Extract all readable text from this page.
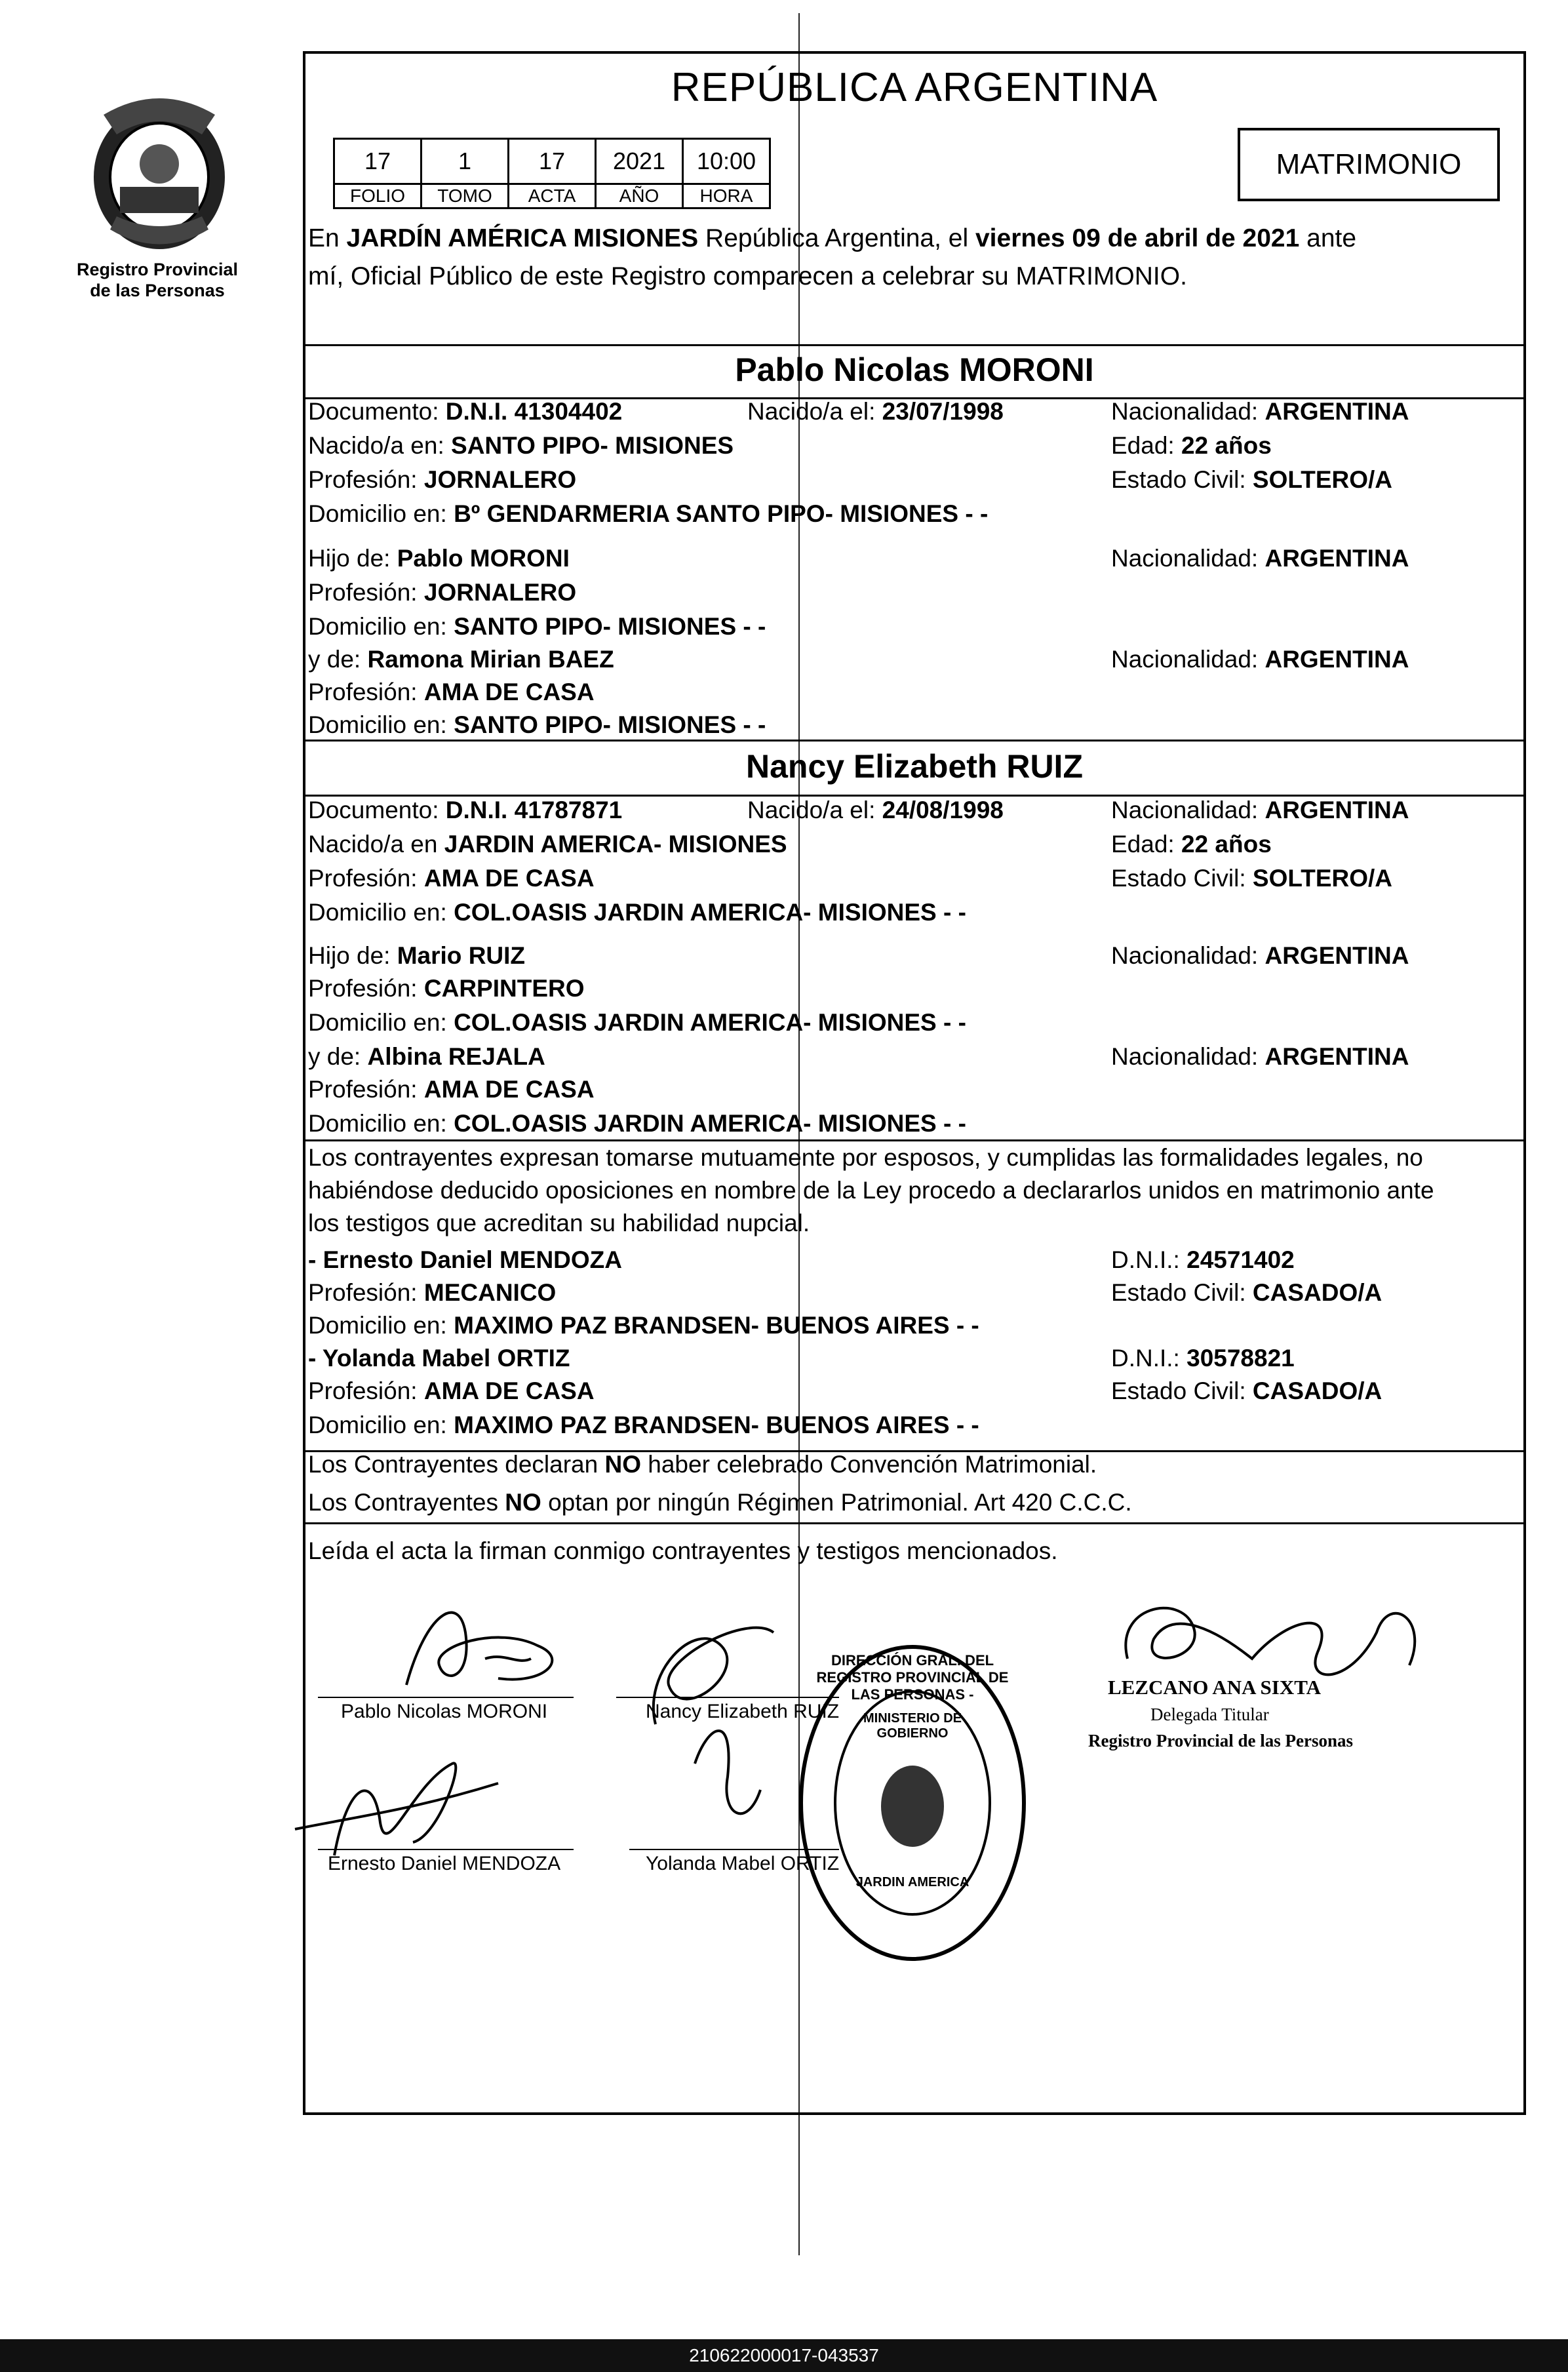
Registro Provincial
de las Personas
REPÚBLICA ARGENTINA
17	1	17	2021	10:00
FOLIO	TOMO	ACTA	AÑO	HORA
MATRIMONIO
En JARDÍN AMÉRICA MISIONES República Argentina, el viernes 09 de abril de 2021 ante
mí, Oficial Público de este Registro comparecen a celebrar su MATRIMONIO.
Pablo Nicolas MORONI
Documento: D.N.I. 41304402	Nacido/a el: 23/07/1998	Nacionalidad: ARGENTINA
Nacido/a en: SANTO PIPO- MISIONES	Edad: 22 años
Profesión: JORNALERO	Estado Civil: SOLTERO/A
Domicilio en: Bº GENDARMERIA SANTO PIPO- MISIONES - -
Hijo de: Pablo MORONI	Nacionalidad: ARGENTINA
Profesión: JORNALERO
Domicilio en: SANTO PIPO- MISIONES - -
y de: Ramona Mirian BAEZ	Nacionalidad: ARGENTINA
Profesión: AMA DE CASA
Domicilio en: SANTO PIPO- MISIONES - -
Nancy Elizabeth RUIZ
Documento: D.N.I. 41787871	Nacido/a el: 24/08/1998	Nacionalidad: ARGENTINA
Nacido/a en JARDIN AMERICA- MISIONES	Edad: 22 años
Profesión: AMA DE CASA	Estado Civil: SOLTERO/A
Domicilio en: COL.OASIS JARDIN AMERICA- MISIONES - -
Hijo de: Mario RUIZ	Nacionalidad: ARGENTINA
Profesión: CARPINTERO
Domicilio en: COL.OASIS JARDIN AMERICA- MISIONES - -
y de: Albina REJALA	Nacionalidad: ARGENTINA
Profesión: AMA DE CASA
Domicilio en: COL.OASIS JARDIN AMERICA- MISIONES - -
Los contrayentes expresan tomarse mutuamente por esposos, y cumplidas las formalidades legales, no
habiéndose deducido oposiciones en nombre de la Ley procedo a declararlos unidos en matrimonio ante
los testigos que acreditan su habilidad nupcial.
- Ernesto Daniel MENDOZA	D.N.I.: 24571402
Profesión: MECANICO	Estado Civil: CASADO/A
Domicilio en: MAXIMO PAZ BRANDSEN- BUENOS AIRES - -
- Yolanda Mabel ORTIZ	D.N.I.: 30578821
Profesión: AMA DE CASA	Estado Civil: CASADO/A
Domicilio en: MAXIMO PAZ BRANDSEN- BUENOS AIRES - -
Los Contrayentes declaran NO haber celebrado Convención Matrimonial.
Los Contrayentes NO optan por ningún Régimen Patrimonial. Art 420 C.C.C.
Leída el acta la firman conmigo contrayentes y testigos mencionados.
Pablo Nicolas MORONI	Nancy Elizabeth RUIZ
Ernesto Daniel MENDOZA	Yolanda Mabel ORTIZ
DIRECCIÓN GRAL. DEL REGISTRO PROVINCIAL DE LAS PERSONAS -
MINISTERIO DE GOBIERNO
JARDIN AMERICA
LEZCANO ANA SIXTA
Delegada Titular
Registro Provincial de las Personas
210622000017-043537
